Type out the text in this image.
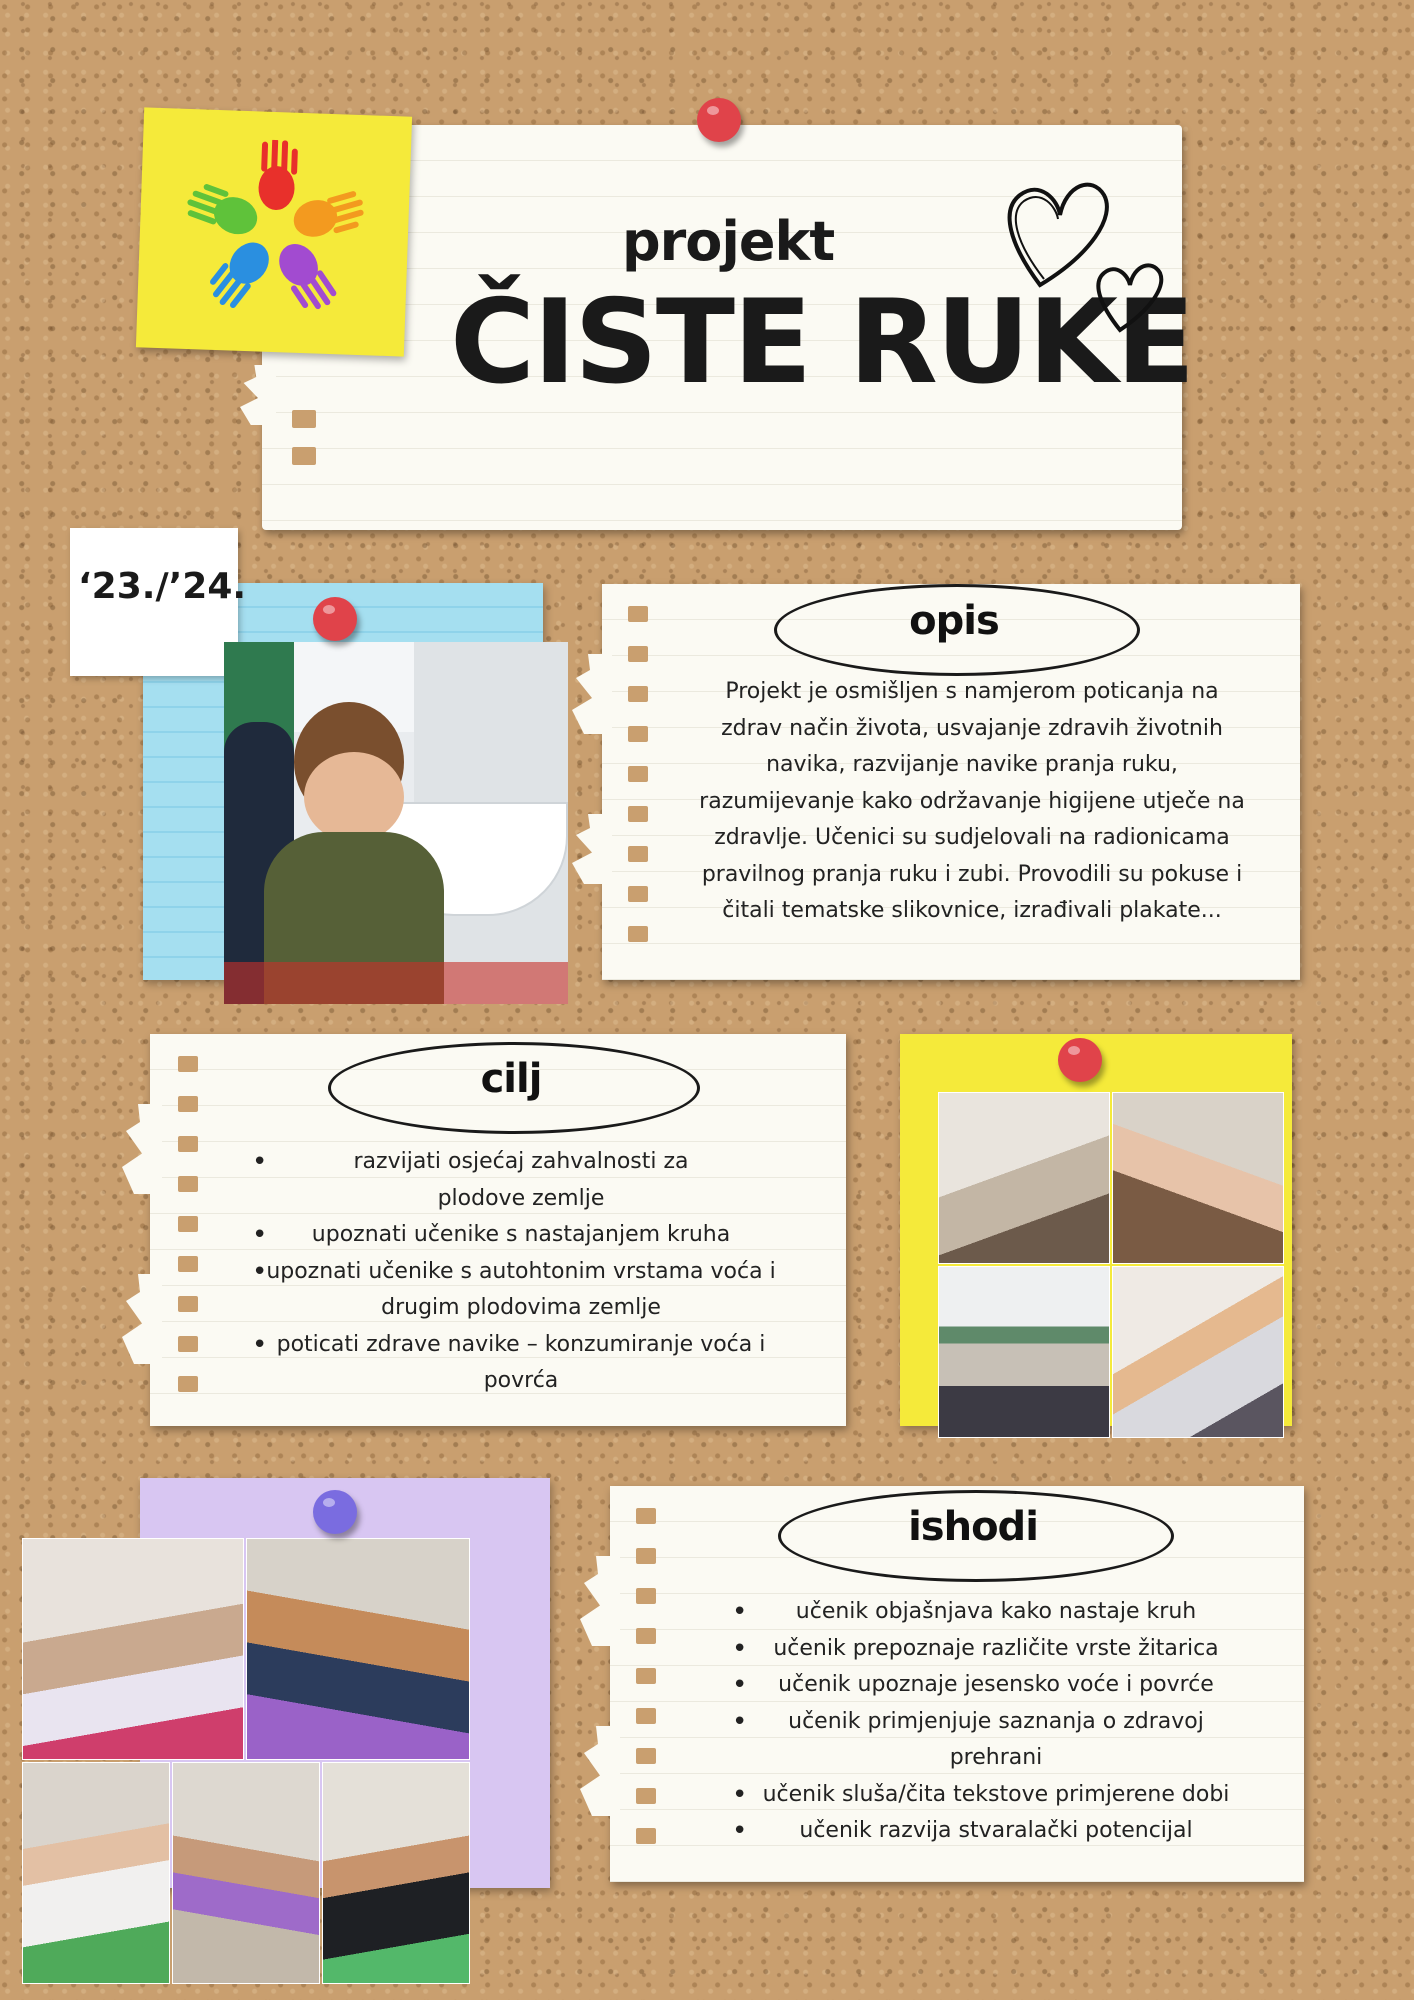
projekt
ČISTE RUKE
‘23./’24.
opis
Projekt je osmišljen s namjerom poticanja na
zdrav način života, usvajanje zdravih životnih
navika, razvijanje navike pranja ruku,
razumijevanje kako održavanje higijene utječe na
zdravlje. Učenici su sudjelovali na radionicama
pravilnog pranja ruku i zubi. Provodili su pokuse i
čitali tematske slikovnice, izrađivali plakate...
cilj
• razvijati osjećaj zahvalnosti za plodove zemlje
• upoznati učenike s nastajanjem kruha
• upoznati učenike s autohtonim vrstama voća i drugim plodovima zemlje
• poticati zdrave navike – konzumiranje voća i povrća
ishodi
• učenik objašnjava kako nastaje kruh
• učenik prepoznaje različite vrste žitarica
• učenik upoznaje jesensko voće i povrće
• učenik primjenjuje saznanja o zdravoj prehrani
• učenik sluša/čita tekstove primjerene dobi
• učenik razvija stvaralački potencijal
